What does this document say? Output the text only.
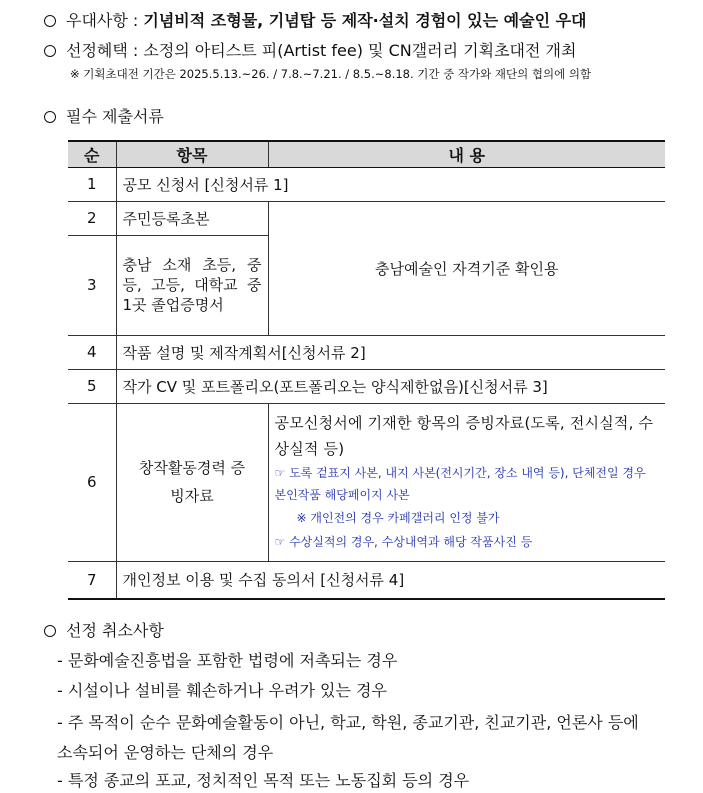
우대사항 : 기념비적 조형물, 기념탑 등 제작·설치 경험이 있는 예술인 우대
선정혜택 : 소정의 아티스트 피(Artist fee) 및 CN갤러리 기획초대전 개최
※ 기획초대전 기간은 2025.5.13.~26. / 7.8.~7.21. / 8.5.~8.18. 기간 중 작가와 재단의 협의에 의함
필수 제출서류
순	항목	내 용
1	공모 신청서 [신청서류 1]	
2	주민등록초본	충남예술인 자격기준 확인용
3	충남 소재 초등, 중등, 고등, 대학교 중 1곳 졸업증명서	
4	작품 설명 및 제작계획서[신청서류 2]	
5	작가 CV 및 포트폴리오(포트폴리오는 양식제한없음)[신청서류 3]	
6	창작활동경력 증빙자료	공모신청서에 기재한 항목의 증빙자료(도록, 전시실적, 수상실적 등)
☞ 도록 겉표지 사본, 내지 사본(전시기간, 장소 내역 등), 단체전일 경우 본인작품 해당페이지 사본
※ 개인전의 경우 카페갤러리 인정 불가
☞ 수상실적의 경우, 수상내역과 해당 작품사진 등

7	개인정보 이용 및 수집 동의서 [신청서류 4]	
선정 취소사항
- 문화예술진흥법을 포함한 법령에 저촉되는 경우
- 시설이나 설비를 훼손하거나 우려가 있는 경우
- 주 목적이 순수 문화예술활동이 아닌, 학교, 학원, 종교기관, 친교기관, 언론사 등에 소속되어 운영하는 단체의 경우
- 특정 종교의 포교, 정치적인 목적 또는 노동집회 등의 경우
